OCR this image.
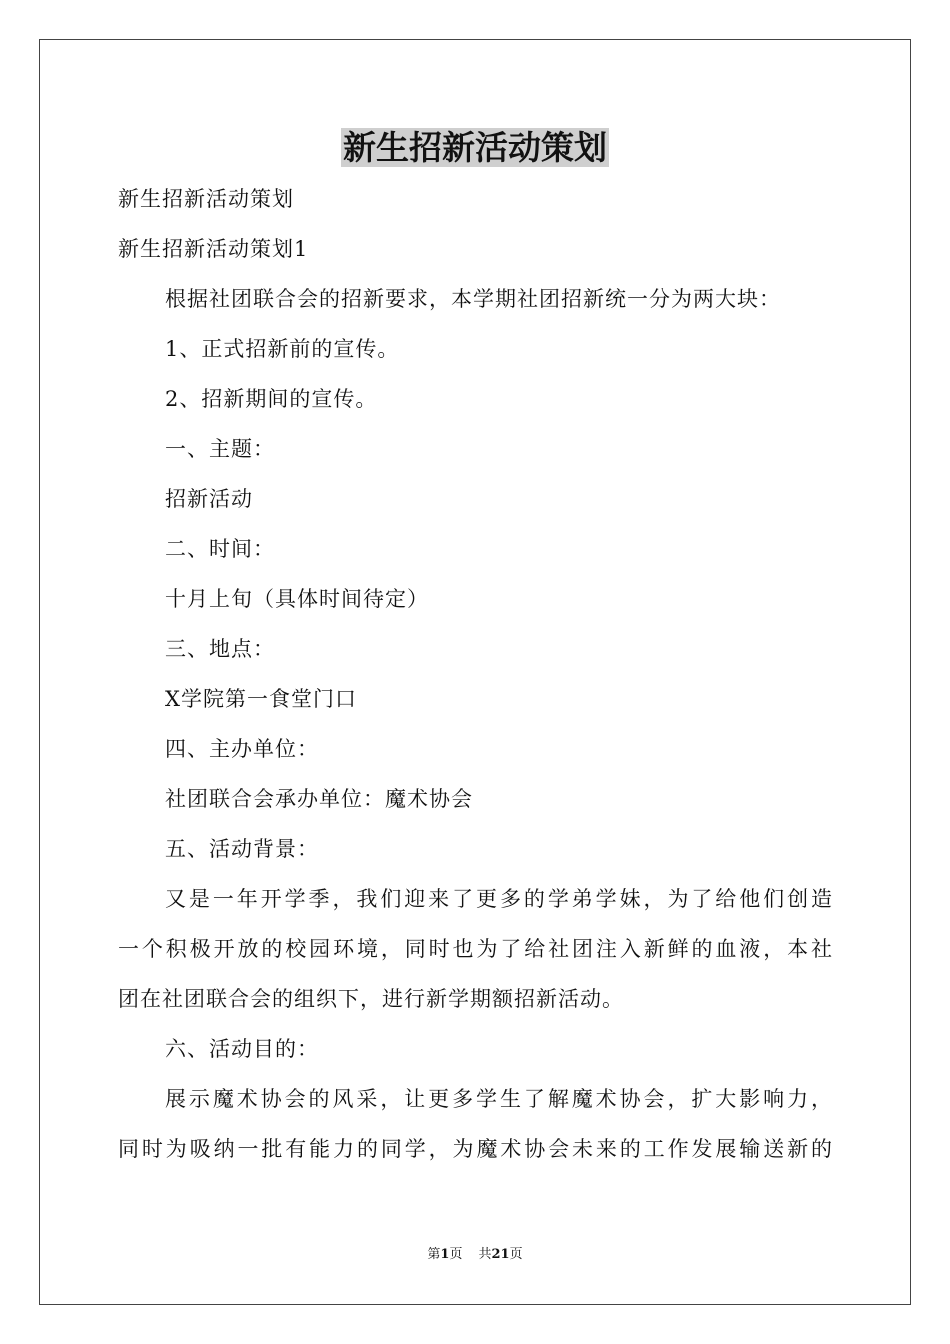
新生招新活动策划
新生招新活动策划
新生招新活动策划1
根据社团联合会的招新要求，本学期社团招新统一分为两大块：
1、正式招新前的宣传。
2、招新期间的宣传。
一、主题：
招新活动
二、时间：
十月上旬（具体时间待定）
三、地点：
X学院第一食堂门口
四、主办单位：
社团联合会承办单位：魔术协会
五、活动背景：
又是一年开学季，我们迎来了更多的学弟学妹，为了给他们创造
一个积极开放的校园环境，同时也为了给社团注入新鲜的血液，本社
团在社团联合会的组织下，进行新学期额招新活动。
六、活动目的：
展示魔术协会的风采，让更多学生了解魔术协会，扩大影响力，
同时为吸纳一批有能力的同学，为魔术协会未来的工作发展输送新的
第1页 共21页
